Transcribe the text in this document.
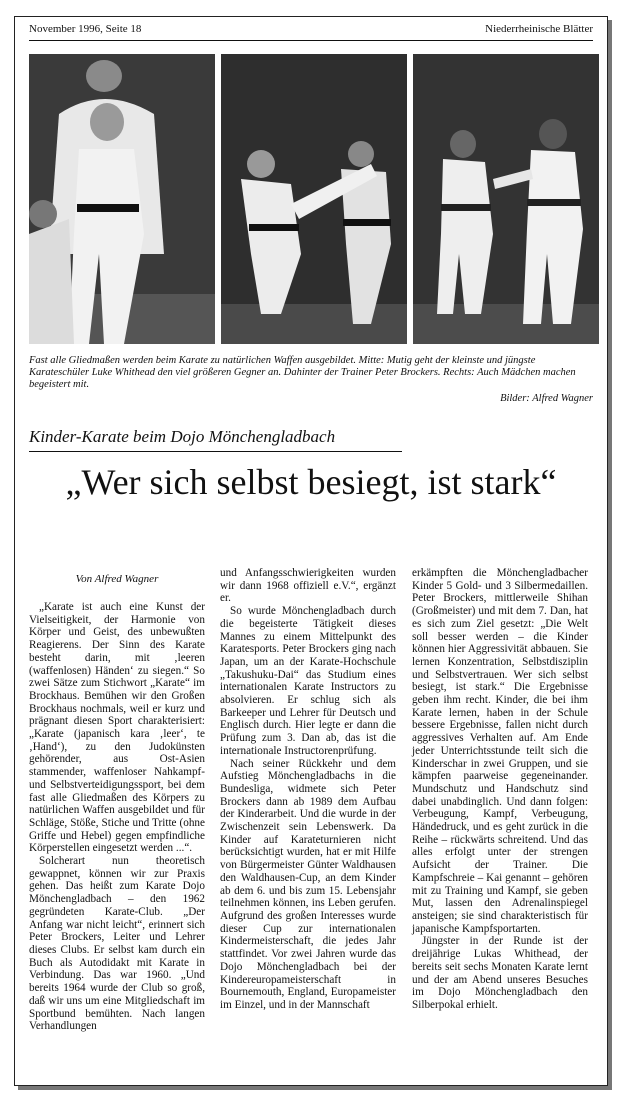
November 1996, Seite 18	Niederrheinische Blätter
Fast alle Gliedmaßen werden beim Karate zu natürlichen Waffen ausgebildet. Mitte: Mutig geht der kleinste und jüngste Karateschüler Luke Whithead den viel größeren Gegner an. Dahinter der Trainer Peter Brockers. Rechts: Auch Mädchen machen begeistert mit.
Bilder: Alfred Wagner
Kinder-Karate beim Dojo Mönchengladbach
„Wer sich selbst besiegt, ist stark“
Von Alfred Wagner

„Karate ist auch eine Kunst der Vielseitigkeit, der Harmonie von Körper und Geist, des unbewußten Reagierens. Der Sinn des Karate besteht darin, mit ‚leeren (waffenlosen) Händen‘ zu siegen.“ So zwei Sätze zum Stichwort „Karate“ im Brockhaus. Bemühen wir den Großen Brockhaus nochmals, weil er kurz und prägnant diesen Sport charakterisiert: „Karate (japanisch kara ‚leer‘, te ‚Hand‘), zu den Judokünsten gehörender, aus Ost-Asien stammender, waffenloser Nahkampf- und Selbstverteidigungssport, bei dem fast alle Gliedmaßen des Körpers zu natürlichen Waffen ausgebildet und für Schläge, Stöße, Stiche und Tritte (ohne Griffe und Hebel) gegen empfindliche Körperstellen eingesetzt werden ...“.

Solcherart nun theoretisch gewappnet, können wir zur Praxis gehen. Das heißt zum Karate Dojo Mönchengladbach – den 1962 gegründeten Karate-Club. „Der Anfang war nicht leicht“, erinnert sich Peter Brockers, Leiter und Lehrer dieses Clubs. Er selbst kam durch ein Buch als Autodidakt mit Karate in Verbindung. Das war 1960. „Und bereits 1964 wurde der Club so groß, daß wir uns um eine Mitgliedschaft im Sportbund bemühten. Nach langen Verhandlungen

und Anfangsschwierigkeiten wurden wir dann 1968 offiziell e.V.“, ergänzt er.

So wurde Mönchengladbach durch die begeisterte Tätigkeit dieses Mannes zu einem Mittelpunkt des Karatesports. Peter Brockers ging nach Japan, um an der Karate-Hochschule „Takushuku-Dai“ das Studium eines internationalen Karate Instructors zu absolvieren. Er schlug sich als Barkeeper und Lehrer für Deutsch und Englisch durch. Hier legte er dann die Prüfung zum 3. Dan ab, das ist die internationale Instructorenprüfung.

Nach seiner Rückkehr und dem Aufstieg Mönchengladbachs in die Bundesliga, widmete sich Peter Brockers dann ab 1989 dem Aufbau der Kinderarbeit. Und die wurde in der Zwischenzeit sein Lebenswerk. Da Kinder auf Karateturnieren nicht berücksichtigt wurden, hat er mit Hilfe von Bürgermeister Günter Waldhausen den Waldhausen-Cup, an dem Kinder ab dem 6. und bis zum 15. Lebensjahr teilnehmen können, ins Leben gerufen. Aufgrund des großen Interesses wurde dieser Cup zur internationalen Kindermeisterschaft, die jedes Jahr stattfindet. Vor zwei Jahren wurde das Dojo Mönchengladbach bei der Kindereuropameisterschaft in Bournemouth, England, Europameister im Einzel, und in der Mannschaft

erkämpften die Mönchengladbacher Kinder 5 Gold- und 3 Silbermedaillen. Peter Brockers, mittlerweile Shihan (Großmeister) und mit dem 7. Dan, hat es sich zum Ziel gesetzt: „Die Welt soll besser werden – die Kinder können hier Aggressivität abbauen. Sie lernen Konzentration, Selbstdisziplin und Selbstvertrauen. Wer sich selbst besiegt, ist stark.“ Die Ergebnisse geben ihm recht. Kinder, die bei ihm Karate lernen, haben in der Schule bessere Ergebnisse, fallen nicht durch aggressives Verhalten auf. Am Ende jeder Unterrichtsstunde teilt sich die Kinderschar in zwei Gruppen, und sie kämpfen paarweise gegeneinander. Mundschutz und Handschutz sind dabei unabdinglich. Und dann folgen: Verbeugung, Kampf, Verbeugung, Händedruck, und es geht zurück in die Reihe – rückwärts schreitend. Und das alles erfolgt unter der strengen Aufsicht der Trainer. Die Kampfschreie – Kai genannt – gehören mit zu Training und Kampf, sie geben Mut, lassen den Adrenalinspiegel ansteigen; sie sind charakteristisch für japanische Kampfsportarten.

Jüngster in der Runde ist der dreijährige Lukas Whithead, der bereits seit sechs Monaten Karate lernt und der am Abend unseres Besuches im Dojo Mönchengladbach den Silberpokal erhielt.
